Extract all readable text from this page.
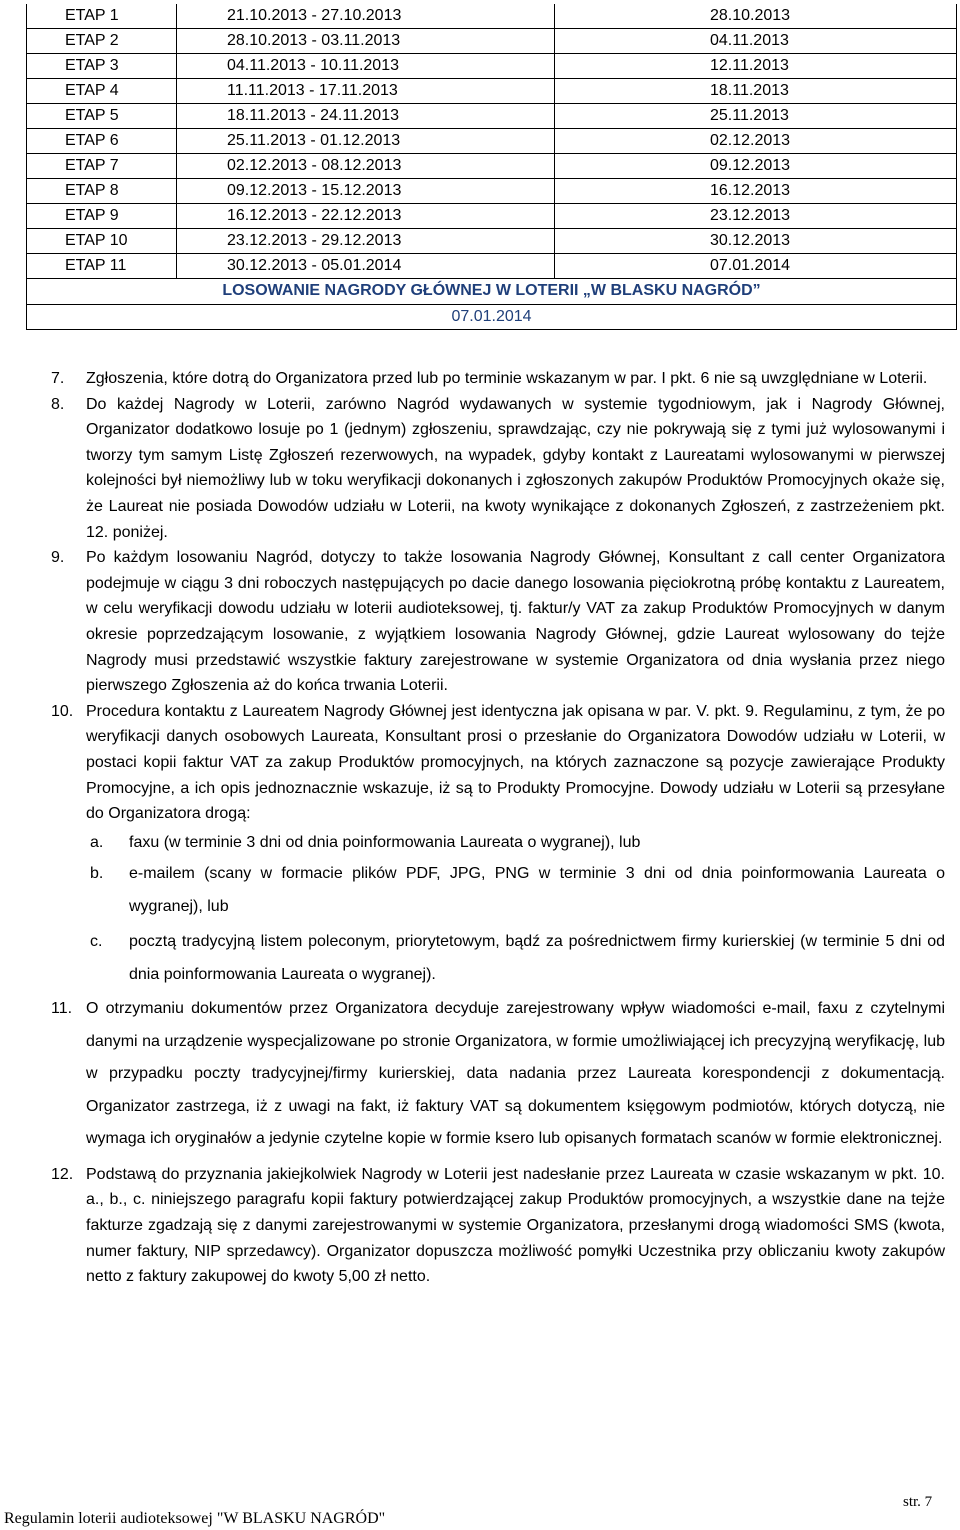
ETAP 1	21.10.2013 - 27.10.2013	28.10.2013
ETAP 2	28.10.2013 - 03.11.2013	04.11.2013
ETAP 3	04.11.2013 - 10.11.2013	12.11.2013
ETAP 4	11.11.2013 - 17.11.2013	18.11.2013
ETAP 5	18.11.2013 - 24.11.2013	25.11.2013
ETAP 6	25.11.2013 - 01.12.2013	02.12.2013
ETAP 7	02.12.2013 - 08.12.2013	09.12.2013
ETAP 8	09.12.2013 - 15.12.2013	16.12.2013
ETAP 9	16.12.2013 - 22.12.2013	23.12.2013
ETAP 10	23.12.2013 - 29.12.2013	30.12.2013
ETAP 11	30.12.2013 - 05.01.2014	07.01.2014
LOSOWANIE NAGRODY GŁÓWNEJ W LOTERII „W BLASKU NAGRÓD”		
07.01.2014		
7. Zgłoszenia, które dotrą do Organizatora przed lub po terminie wskazanym w par. I pkt. 6 nie są uwzględniane w Loterii.

8. Do każdej Nagrody w Loterii, zarówno Nagród wydawanych w systemie tygodniowym, jak i Nagrody Głównej, Organizator dodatkowo losuje po 1 (jednym) zgłoszeniu, sprawdzając, czy nie pokrywają się z tymi już wylosowanymi i tworzy tym samym Listę Zgłoszeń rezerwowych, na wypadek, gdyby kontakt z Laureatami wylosowanymi w pierwszej kolejności był niemożliwy lub w toku weryfikacji dokonanych i zgłoszonych zakupów Produktów Promocyjnych okaże się, że Laureat nie posiada Dowodów udziału w Loterii, na kwoty wynikające z dokonanych Zgłoszeń, z zastrzeżeniem pkt. 12. poniżej.

9. Po każdym losowaniu Nagród, dotyczy to także losowania Nagrody Głównej, Konsultant z call center Organizatora podejmuje w ciągu 3 dni roboczych następujących po dacie danego losowania pięciokrotną próbę kontaktu z Laureatem, w celu weryfikacji dowodu udziału w loterii audioteksowej, tj. faktur/y VAT za zakup Produktów Promocyjnych w danym okresie poprzedzającym losowanie, z wyjątkiem losowania Nagrody Głównej, gdzie Laureat wylosowany do tejże Nagrody musi przedstawić wszystkie faktury zarejestrowane w systemie Organizatora od dnia wysłania przez niego pierwszego Zgłoszenia aż do końca trwania Loterii.

10. Procedura kontaktu z Laureatem Nagrody Głównej jest identyczna jak opisana w par. V. pkt. 9. Regulaminu, z tym, że po weryfikacji danych osobowych Laureata, Konsultant prosi o przesłanie do Organizatora Dowodów udziału w Loterii, w postaci kopii faktur VAT za zakup Produktów promocyjnych, na których zaznaczone są pozycje zawierające Produkty Promocyjne, a ich opis jednoznacznie wskazuje, iż są to Produkty Promocyjne. Dowody udziału w Loterii są przesyłane do Organizatora drogą:

a. faxu (w terminie 3 dni od dnia poinformowania Laureata o wygranej), lub

b. e-mailem (scany w formacie plików PDF, JPG, PNG w terminie 3 dni od dnia poinformowania Laureata o wygranej), lub

c. pocztą tradycyjną listem poleconym, priorytetowym, bądź za pośrednictwem firmy kurierskiej (w terminie 5 dni od dnia poinformowania Laureata o wygranej).

11. O otrzymaniu dokumentów przez Organizatora decyduje zarejestrowany wpływ wiadomości e-mail, faxu z czytelnymi danymi na urządzenie wyspecjalizowane po stronie Organizatora, w formie umożliwiającej ich precyzyjną weryfikację, lub w przypadku poczty tradycyjnej/firmy kurierskiej, data nadania przez Laureata korespondencji z dokumentacją. Organizator zastrzega, iż z uwagi na fakt, iż faktury VAT są dokumentem księgowym podmiotów, których dotyczą, nie wymaga ich oryginałów a jedynie czytelne kopie w formie ksero lub opisanych formatach scanów w formie elektronicznej.

12. Podstawą do przyznania jakiejkolwiek Nagrody w Loterii jest nadesłanie przez Laureata w czasie wskazanym w pkt. 10. a., b., c. niniejszego paragrafu kopii faktury potwierdzającej zakup Produktów promocyjnych, a wszystkie dane na tejże fakturze zgadzają się z danymi zarejestrowanymi w systemie Organizatora, przesłanymi drogą wiadomości SMS (kwota, numer faktury, NIP sprzedawcy). Organizator dopuszcza możliwość pomyłki Uczestnika przy obliczaniu kwoty zakupów netto z faktury zakupowej do kwoty 5,00 zł netto.

Regulamin loterii audioteksowej "W BLASKU NAGRÓD"
str. 7
